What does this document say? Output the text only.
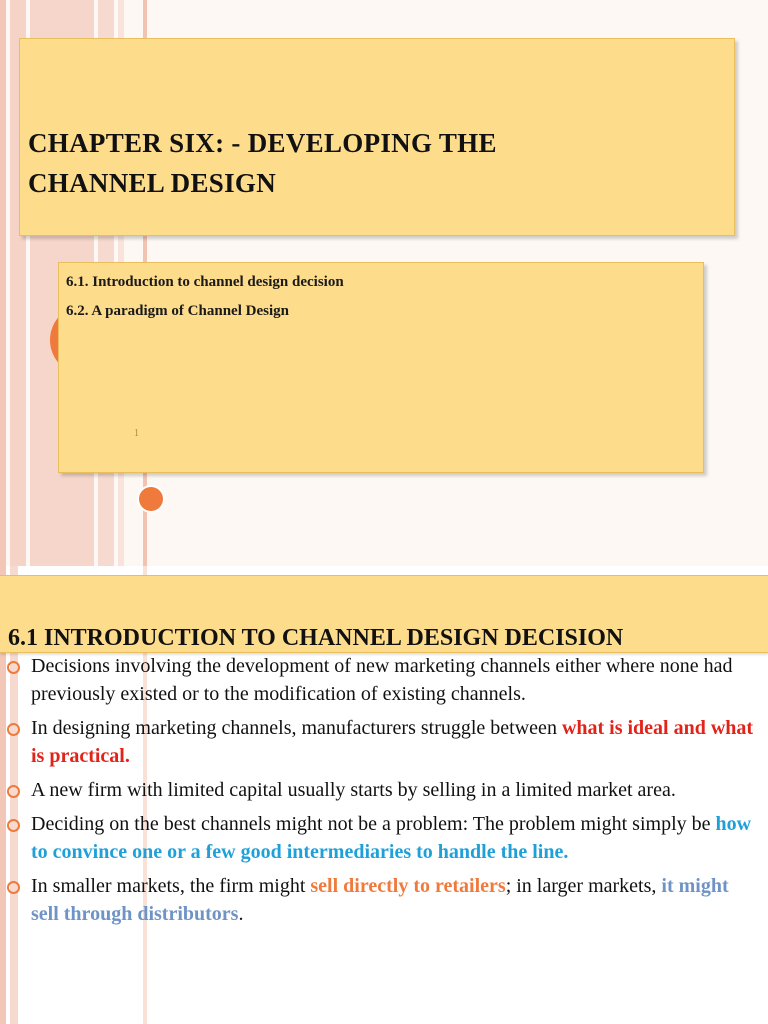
CHAPTER SIX: - DEVELOPING THE
CHANNEL DESIGN

6.1. Introduction to channel design decision

6.2. A paradigm of Channel Design

1
6.1 INTRODUCTION TO CHANNEL DESIGN DECISION
Decisions involving the development of new marketing channels either where none had previously existed or to the modification of existing channels.
In designing marketing channels, manufacturers struggle between what is ideal and what is practical.
A new firm with limited capital usually starts by selling in a limited market area.
Deciding on the best channels might not be a problem: The problem might simply be how to convince one or a few good intermediaries to handle the line.
In smaller markets, the firm might sell directly to retailers; in larger markets, it might sell through distributors.
